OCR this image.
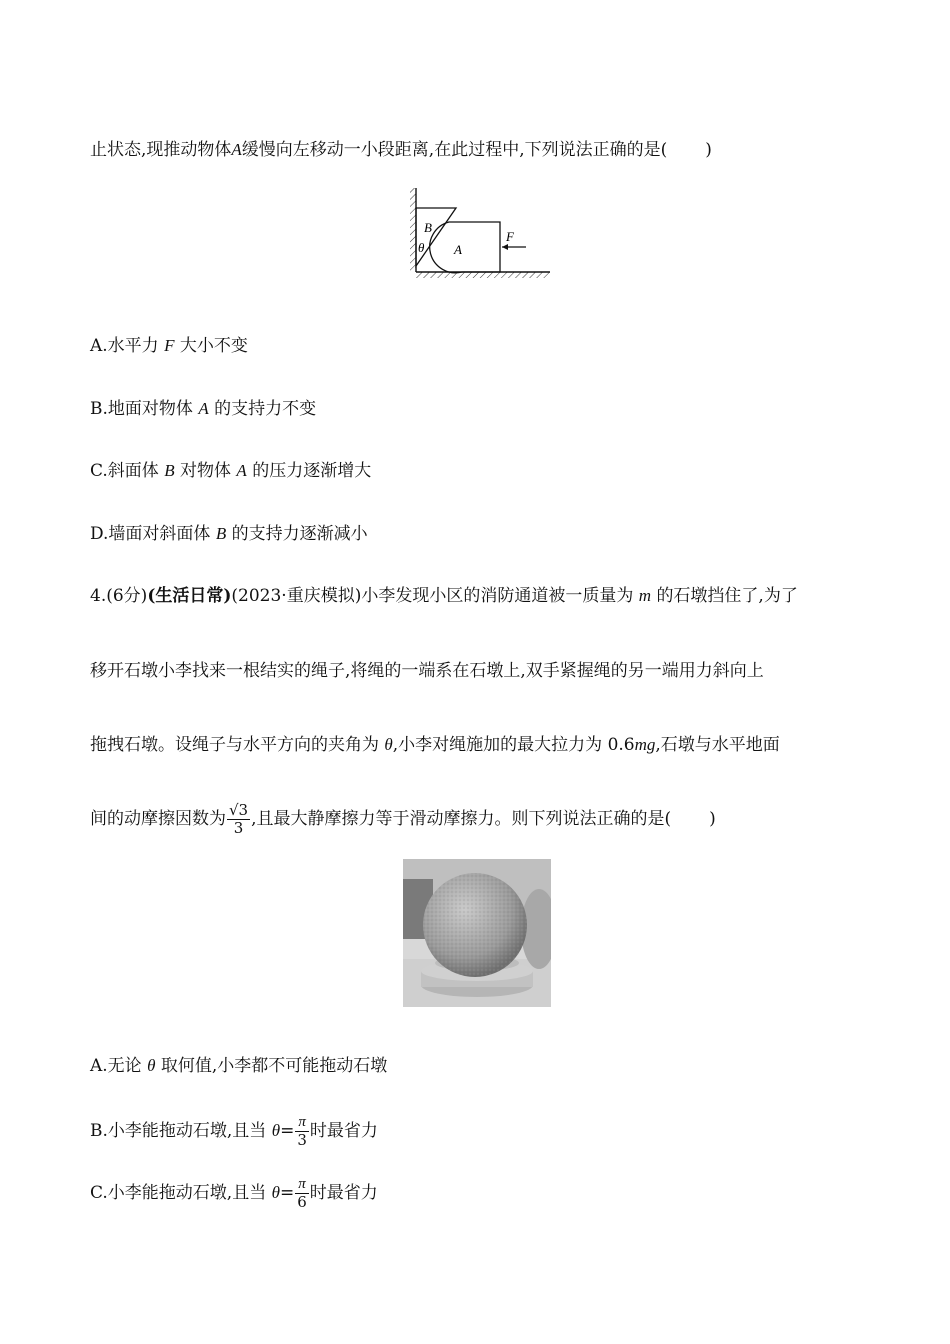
止状态,现推动物体A缓慢向左移动一小段距离,在此过程中,下列说法正确的是( )
B
θ A
F
A.水平力 F 大小不变
B.地面对物体 A 的支持力不变
C.斜面体 B 对物体 A 的压力逐渐增大
D.墙面对斜面体 B 的支持力逐渐减小
4.(6分)(生活日常)(2023·重庆模拟)小李发现小区的消防通道被一质量为 m 的石墩挡住了,为了
移开石墩小李找来一根结实的绳子,将绳的一端系在石墩上,双手紧握绳的另一端用力斜向上
拖拽石墩。设绳子与水平方向的夹角为 θ,小李对绳施加的最大拉力为 0.6mg,石墩与水平地面
间的动摩擦因数为 $\frac{√3}{3}$ ,且最大静摩擦力等于滑动摩擦力。则下列说法正确的是( )
A.无论 θ 取何值,小李都不可能拖动石墩
B.小李能拖动石墩,且当 $\theta= \frac{\pi}{3}$ 时最省力
C.小李能拖动石墩,且当 $\theta= \frac{\pi}{6}$ 时最省力
